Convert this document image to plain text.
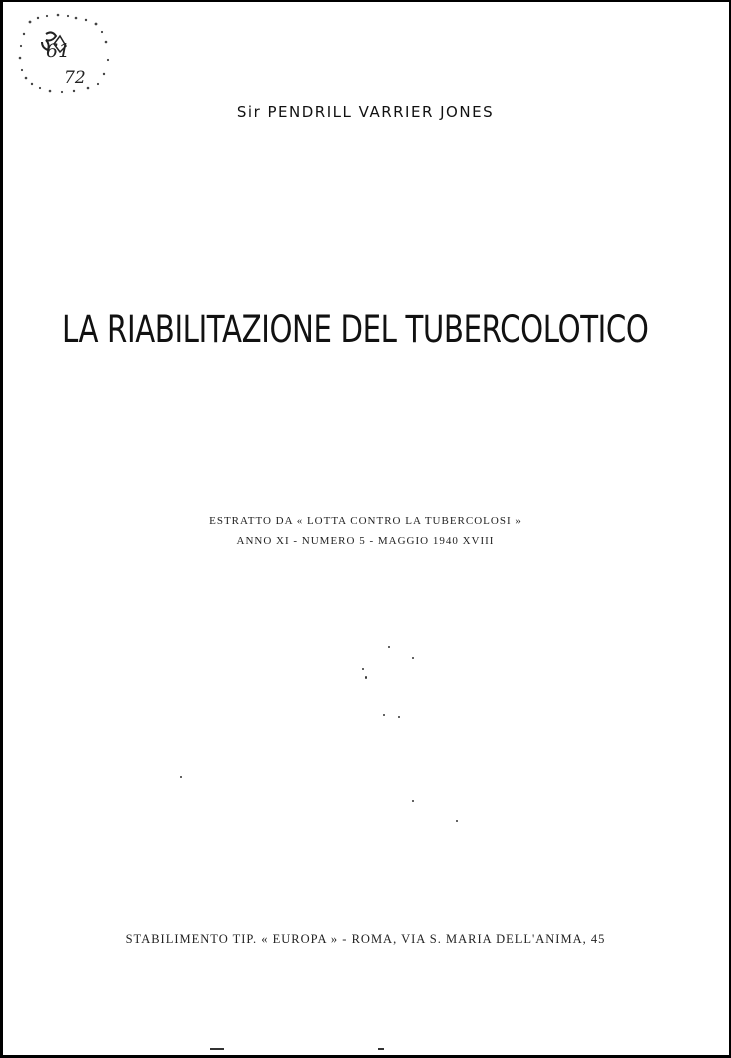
61
72
Sir PENDRILL VARRIER JONES
LA RIABILITAZIONE DEL TUBERCOLOTICO
ESTRATTO DA « LOTTA CONTRO LA TUBERCOLOSI »
ANNO XI - NUMERO 5 - MAGGIO 1940 XVIII
STABILIMENTO TIP. « EUROPA » - ROMA, VIA S. MARIA DELL'ANIMA, 45
